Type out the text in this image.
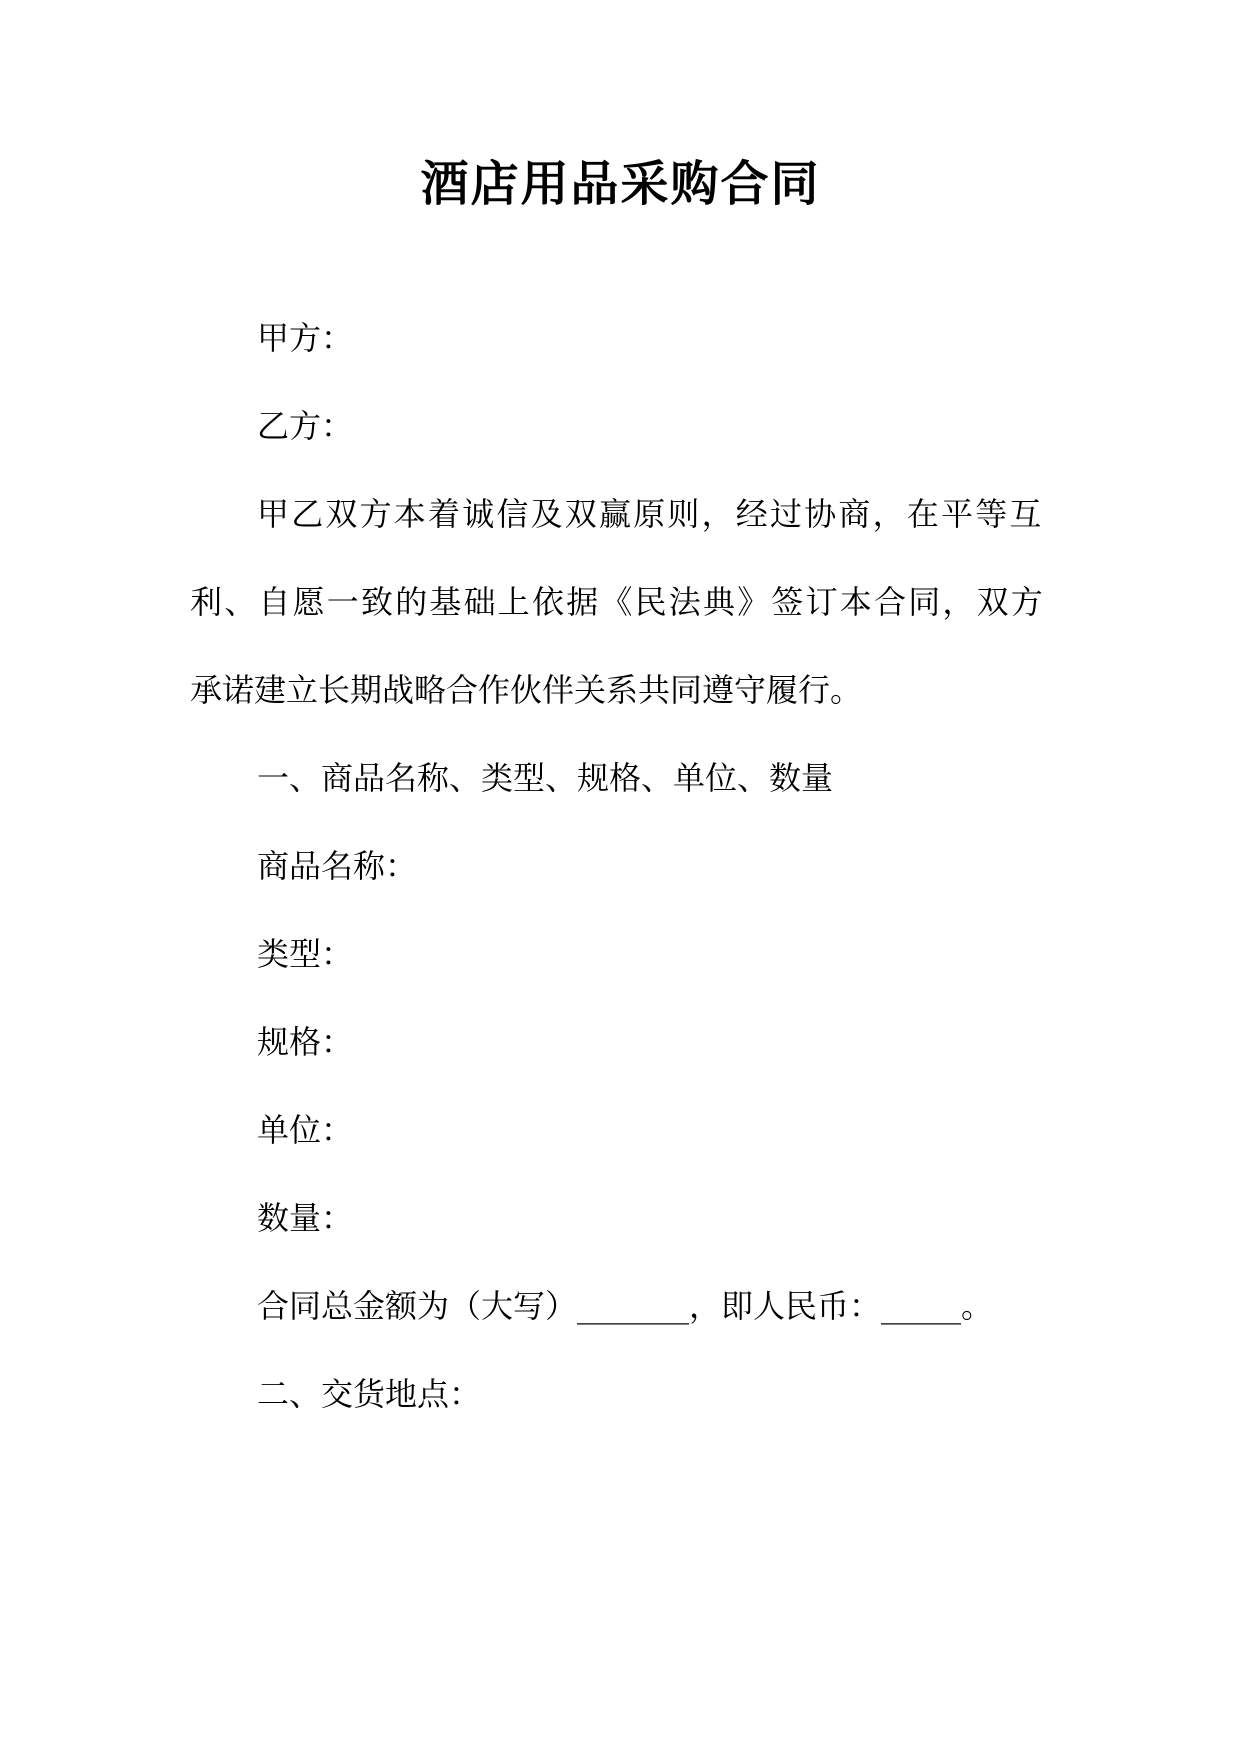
酒店用品采购合同
甲方：
乙方：
甲乙双方本着诚信及双赢原则，经过协商，在平等互
利、自愿一致的基础上依据《民法典》签订本合同，双方
承诺建立长期战略合作伙伴关系共同遵守履行。
一、商品名称、类型、规格、单位、数量
商品名称：
类型：
规格：
单位：
数量：
合同总金额为（大写）_______，即人民币：_____。
二、交货地点：
